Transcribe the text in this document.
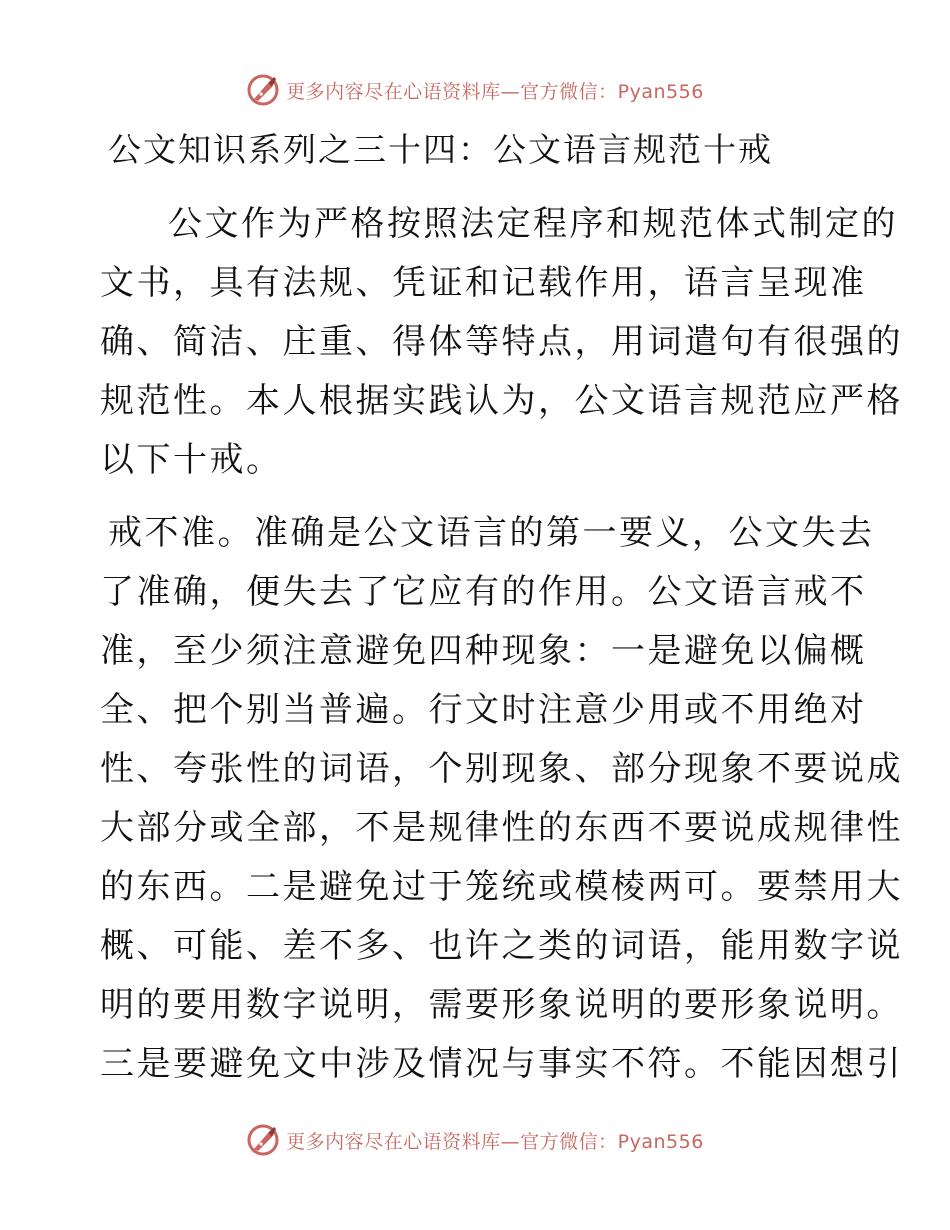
更多内容尽在心语资料库—官方微信：Pyan556
公文知识系列之三十四：公文语言规范十戒

公文作为严格按照法定程序和规范体式制定的
文书，具有法规、凭证和记载作用，语言呈现准
确、简洁、庄重、得体等特点，用词遣句有很强的
规范性。本人根据实践认为，公文语言规范应严格
以下十戒。

戒不准。准确是公文语言的第一要义，公文失去
了准确，便失去了它应有的作用。公文语言戒不
准，至少须注意避免四种现象：一是避免以偏概
全、把个别当普遍。行文时注意少用或不用绝对
性、夸张性的词语，个别现象、部分现象不要说成
大部分或全部，不是规律性的东西不要说成规律性
的东西。二是避免过于笼统或模棱两可。要禁用大
概、可能、差不多、也许之类的词语，能用数字说
明的要用数字说明，需要形象说明的要形象说明。
三是要避免文中涉及情况与事实不符。不能因想引

更多内容尽在心语资料库—官方微信：Pyan556
